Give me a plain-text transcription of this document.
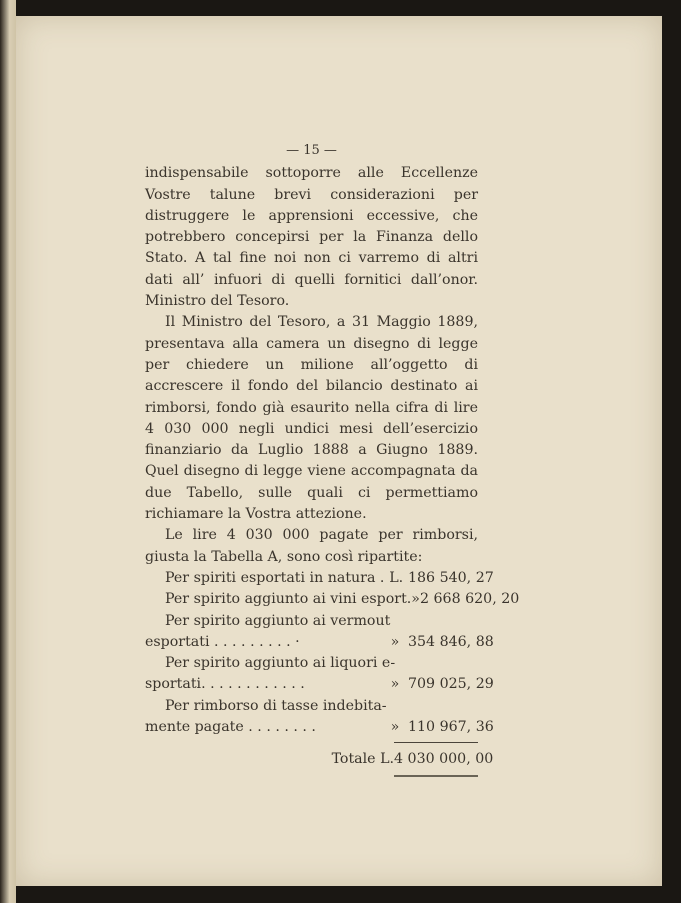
— 15 —

indispensabile sottoporre alle Eccellenze Vostre talune brevi considerazioni per distruggere le apprensioni eccessive, che potrebbero concepirsi per la Finanza dello Stato. A tal fine noi non ci varremo di altri dati all’ infuori di quelli fornitici dall’onor. Ministro del Tesoro.

Il Ministro del Tesoro, a 31 Maggio 1889, presentava alla camera un disegno di legge per chiedere un milione all’oggetto di accrescere il fondo del bilancio destinato ai rimborsi, fondo già esaurito nella cifra di lire 4 030 000 negli undici mesi dell’esercizio finanziario da Luglio 1888 a Giugno 1889. Quel disegno di legge viene accompagnata da due Tabello, sulle quali ci permettiamo richiamare la Vostra attezione.

Le lire 4 030 000 pagate per rimborsi, giusta la Tabella A, sono così ripartite:

Per spiriti esportati in natura . L. 186 540, 27
Per spirito aggiunto ai vini esport. » 2 668 620, 20
Per spirito aggiunto ai vermout
esportati . . . . . . . . . ·	» 354 846, 88
Per spirito aggiunto ai liquori e-
sportati. . . . . . . . . . . .	» 709 025, 29
Per rimborso di tasse indebita-
mente pagate . . . . . . . .	» 110 967, 36
Totale L. 4 030 000, 00
